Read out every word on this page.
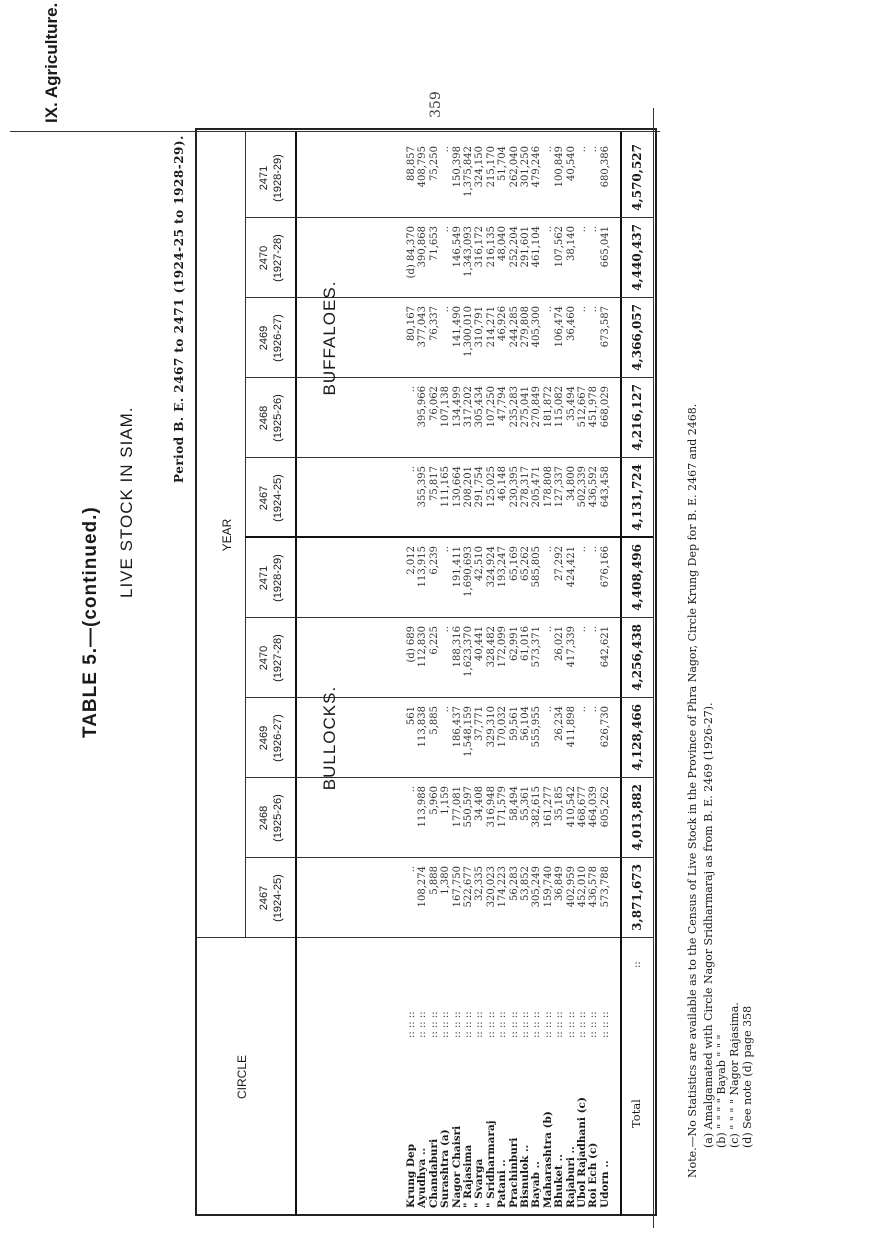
IX. Agriculture.	359
TABLE 5.—(continued.)
LIVE STOCK IN SIAM.
Period B. E. 2467 to 2471 (1924-25 to 1928-29).
CIRCLE
YEAR
2467 (1924-25)
2468 (1925-26)
2469 (1926-27)
2470 (1927-28)
2471 (1928-29)
2467 (1924-25)
2468 (1925-26)
2469 (1926-27)
2470 (1927-28)
2471 (1928-29)
BULLOCKS.
BUFFALOES.
Krung Dep
:: :: ::
..
..
561
(d) 689
2,012
..
..
80,167
(d) 84,370
88,857
Ayudhya ..
:: :: ::
108,274
113,988
113,838
112,830
113,915
355,395
395,966
377,043
390,868
408,795
Chandaburi
:: :: ::
5,888
5,960
5,885
6,225
6,239
75,817
76,062
76,337
71,653
75,250
Surashtra (a)
:: :: ::
1,380
1,159
..
..
..
111,165
107,138
..
..
..
Nagor Chaisri
:: :: ::
167,750
177,081
186,437
188,316
191,411
130,664
134,499
141,490
146,549
150,398
" Rajasima
:: :: ::
522,677
550,597
1,548,159
1,623,370
1,690,693
208,201
317,202
1,300,010
1,343,093
1,375,842
" Svarga
:: :: ::
32,335
34,408
37,771
40,441
42,510
291,754
305,434
310,791
316,172
324,150
" Sridharmaraj
:: :: ::
320,023
316,948
329,310
328,482
324,924
125,025
107,250
214,271
216,135
215,170
Patani ..
:: :: ::
174,223
171,579
170,032
172,099
193,247
46,148
47,794
46,926
48,040
51,704
Prachinburi
:: :: ::
56,283
58,494
59,561
62,991
65,169
230,395
235,283
244,285
252,204
262,040
Bisnulok ..
:: :: ::
53,852
55,361
56,104
61,016
65,262
278,317
275,041
279,808
291,601
301,250
Bayab ..
:: :: ::
305,249
382,615
555,955
573,371
585,805
205,471
270,849
405,300
461,104
479,246
Maharashtra (b)
:: :: ::
159,740
161,277
..
..
..
178,808
181,872
..
..
..
Bhuket ..
:: :: ::
36,849
35,185
26,234
26,021
27,292
127,337
115,082
106,474
107,562
100,849
Rajaburi ..
:: :: ::
402,959
410,542
411,898
417,339
424,421
34,800
35,494
36,460
38,140
40,540
Ubol Rajadhani (c)
:: :: ::
452,010
468,677
..
..
..
502,339
512,667
..
..
..
Roi Ech (c)
:: :: ::
436,578
464,039
..
..
..
436,592
451,978
..
..
..
Udorn ..
:: :: ::
573,788
605,262
626,730
642,621
676,166
643,458
668,029
673,587
665,041
680,386
Total
::
3,871,673
4,013,882
4,128,466
4,256,438
4,408,496
4,131,724
4,216,127
4,366,057
4,440,437
4,570,527
Note.—No Statistics are available as to the Census of Live Stock in the Province of Phra Nagor, Circle Krung Dep for B. E. 2467 and 2468. (a) Amalgamated with Circle Nagor Sridharmaraj as from B. E. 2469 (1926-27). (b) " " " " Bayab " " " (c) " " " " Nagor Rajasima. (d) See note (d) page 358
